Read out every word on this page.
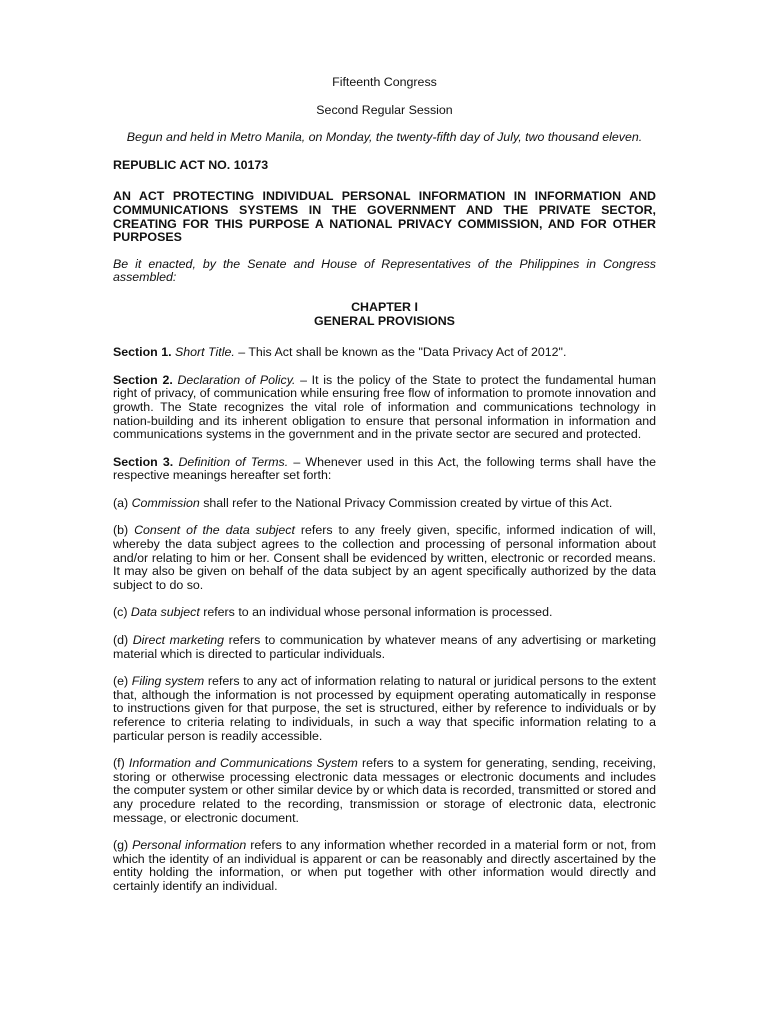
Fifteenth Congress

Second Regular Session

Begun and held in Metro Manila, on Monday, the twenty-fifth day of July, two thousand eleven.

REPUBLIC ACT NO. 10173

AN ACT PROTECTING INDIVIDUAL PERSONAL INFORMATION IN INFORMATION AND COMMUNICATIONS SYSTEMS IN THE GOVERNMENT AND THE PRIVATE SECTOR, CREATING FOR THIS PURPOSE A NATIONAL PRIVACY COMMISSION, AND FOR OTHER PURPOSES

Be it enacted, by the Senate and House of Representatives of the Philippines in Congress assembled:

CHAPTER I
GENERAL PROVISIONS

Section 1. Short Title. – This Act shall be known as the "Data Privacy Act of 2012".

Section 2. Declaration of Policy. – It is the policy of the State to protect the fundamental human right of privacy, of communication while ensuring free flow of information to promote innovation and growth. The State recognizes the vital role of information and communications technology in nation-building and its inherent obligation to ensure that personal information in information and communications systems in the government and in the private sector are secured and protected.

Section 3. Definition of Terms. – Whenever used in this Act, the following terms shall have the respective meanings hereafter set forth:

(a) Commission shall refer to the National Privacy Commission created by virtue of this Act.

(b) Consent of the data subject refers to any freely given, specific, informed indication of will, whereby the data subject agrees to the collection and processing of personal information about and/or relating to him or her. Consent shall be evidenced by written, electronic or recorded means. It may also be given on behalf of the data subject by an agent specifically authorized by the data subject to do so.

(c) Data subject refers to an individual whose personal information is processed.

(d) Direct marketing refers to communication by whatever means of any advertising or marketing material which is directed to particular individuals.

(e) Filing system refers to any act of information relating to natural or juridical persons to the extent that, although the information is not processed by equipment operating automatically in response to instructions given for that purpose, the set is structured, either by reference to individuals or by reference to criteria relating to individuals, in such a way that specific information relating to a particular person is readily accessible.

(f) Information and Communications System refers to a system for generating, sending, receiving, storing or otherwise processing electronic data messages or electronic documents and includes the computer system or other similar device by or which data is recorded, transmitted or stored and any procedure related to the recording, transmission or storage of electronic data, electronic message, or electronic document.

(g) Personal information refers to any information whether recorded in a material form or not, from which the identity of an individual is apparent or can be reasonably and directly ascertained by the entity holding the information, or when put together with other information would directly and certainly identify an individual.
